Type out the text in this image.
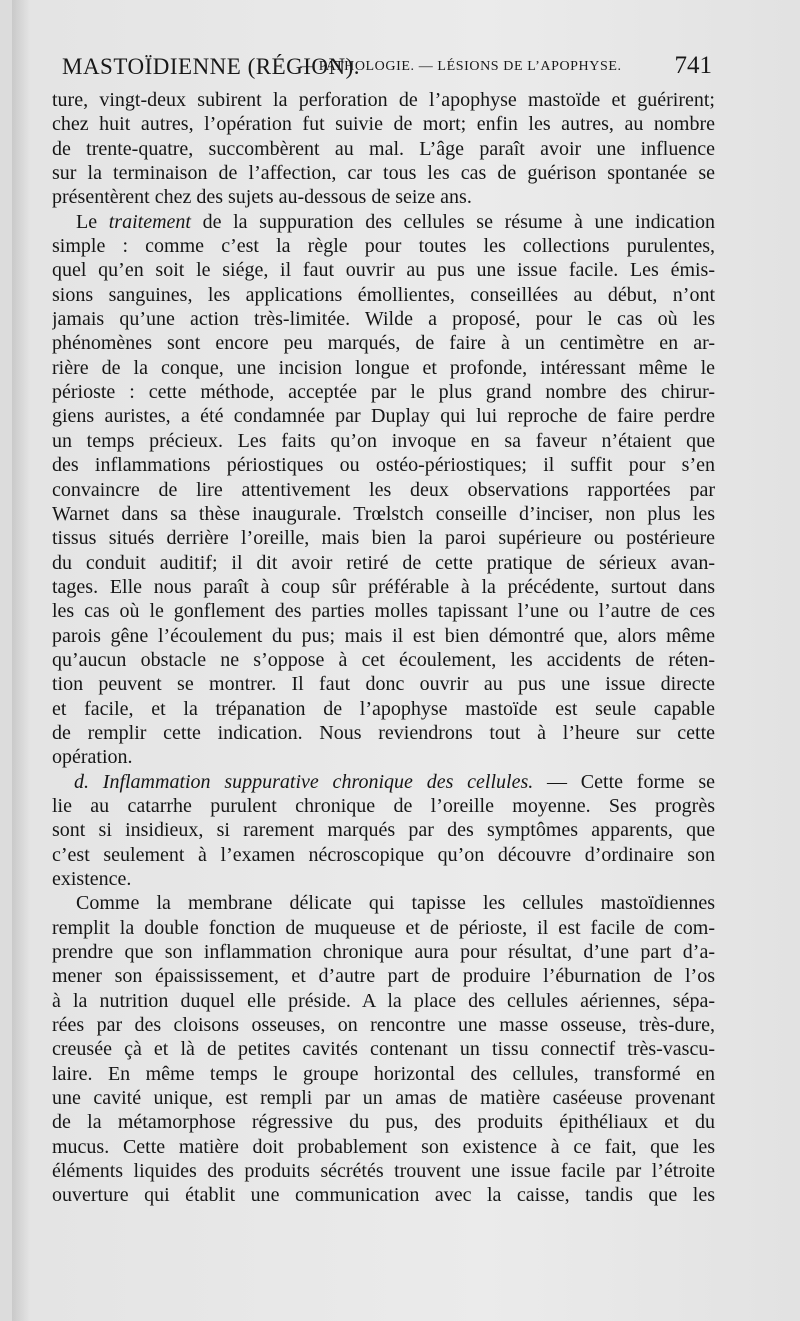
MASTOÏDIENNE (RÉGION).
— PATHOLOGIE. — LÉSIONS DE L’APOPHYSE. 741
ture, vingt-deux subirent la perforation de l’apophyse mastoïde et guérirent;
chez huit autres, l’opération fut suivie de mort; enfin les autres, au nombre
de trente-quatre, succombèrent au mal. L’âge paraît avoir une influence
sur la terminaison de l’affection, car tous les cas de guérison spontanée se
présentèrent chez des sujets au-dessous de seize ans.
Le traitement de la suppuration des cellules se résume à une indication
simple : comme c’est la règle pour toutes les collections purulentes,
quel qu’en soit le siége, il faut ouvrir au pus une issue facile. Les émis-
sions sanguines, les applications émollientes, conseillées au début, n’ont
jamais qu’une action très-limitée. Wilde a proposé, pour le cas où les
phénomènes sont encore peu marqués, de faire à un centimètre en ar-
rière de la conque, une incision longue et profonde, intéressant même le
périoste : cette méthode, acceptée par le plus grand nombre des chirur-
giens auristes, a été condamnée par Duplay qui lui reproche de faire perdre
un temps précieux. Les faits qu’on invoque en sa faveur n’étaient que
des inflammations périostiques ou ostéo-périostiques; il suffit pour s’en
convaincre de lire attentivement les deux observations rapportées par
Warnet dans sa thèse inaugurale. Trœlstch conseille d’inciser, non plus les
tissus situés derrière l’oreille, mais bien la paroi supérieure ou postérieure
du conduit auditif; il dit avoir retiré de cette pratique de sérieux avan-
tages. Elle nous paraît à coup sûr préférable à la précédente, surtout dans
les cas où le gonflement des parties molles tapissant l’une ou l’autre de ces
parois gêne l’écoulement du pus; mais il est bien démontré que, alors même
qu’aucun obstacle ne s’oppose à cet écoulement, les accidents de réten-
tion peuvent se montrer. Il faut donc ouvrir au pus une issue directe
et facile, et la trépanation de l’apophyse mastoïde est seule capable
de remplir cette indication. Nous reviendrons tout à l’heure sur cette
opération.
d. Inflammation suppurative chronique des cellules. — Cette forme se
lie au catarrhe purulent chronique de l’oreille moyenne. Ses progrès
sont si insidieux, si rarement marqués par des symptômes apparents, que
c’est seulement à l’examen nécroscopique qu’on découvre d’ordinaire son
existence.
Comme la membrane délicate qui tapisse les cellules mastoïdiennes
remplit la double fonction de muqueuse et de périoste, il est facile de com-
prendre que son inflammation chronique aura pour résultat, d’une part d’a-
mener son épaississement, et d’autre part de produire l’éburnation de l’os
à la nutrition duquel elle préside. A la place des cellules aériennes, sépa-
rées par des cloisons osseuses, on rencontre une masse osseuse, très-dure,
creusée çà et là de petites cavités contenant un tissu connectif très-vascu-
laire. En même temps le groupe horizontal des cellules, transformé en
une cavité unique, est rempli par un amas de matière caséeuse provenant
de la métamorphose régressive du pus, des produits épithéliaux et du
mucus. Cette matière doit probablement son existence à ce fait, que les
éléments liquides des produits sécrétés trouvent une issue facile par l’étroite
ouverture qui établit une communication avec la caisse, tandis que les
